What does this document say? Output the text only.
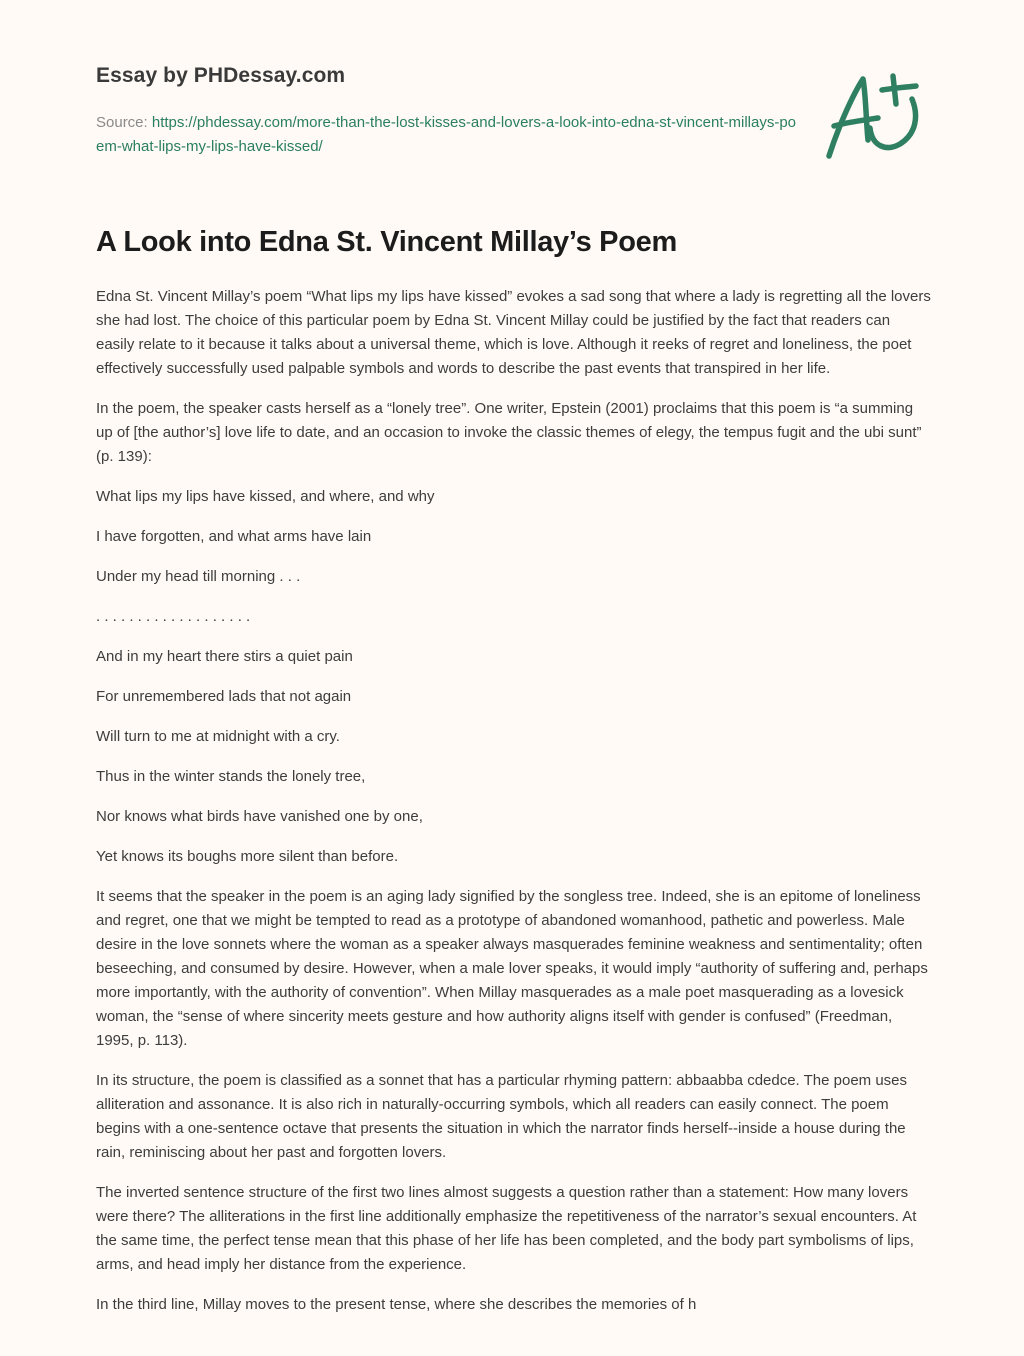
Essay by PHDessay.com
Source: https://phdessay.com/more-than-the-lost-kisses-and-lovers-a-look-into-edna-st-vincent-millays-poem-what-lips-my-lips-have-kissed/
A Look into Edna St. Vincent Millay’s Poem

Edna St. Vincent Millay’s poem “What lips my lips have kissed” evokes a sad song that where a lady is regretting all the lovers she had lost. The choice of this particular poem by Edna St. Vincent Millay could be justified by the fact that readers can easily relate to it because it talks about a universal theme, which is love. Although it reeks of regret and loneliness, the poet effectively successfully used palpable symbols and words to describe the past events that transpired in her life.

In the poem, the speaker casts herself as a “lonely tree”. One writer, Epstein (2001) proclaims that this poem is “a summing up of [the author’s] love life to date, and an occasion to invoke the classic themes of elegy, the tempus fugit and the ubi sunt” (p. 139):

What lips my lips have kissed, and where, and why

I have forgotten, and what arms have lain

Under my head till morning . . .

. . . . . . . . . . . . . . . . . . .

And in my heart there stirs a quiet pain

For unremembered lads that not again

Will turn to me at midnight with a cry.

Thus in the winter stands the lonely tree,

Nor knows what birds have vanished one by one,

Yet knows its boughs more silent than before.

It seems that the speaker in the poem is an aging lady signified by the songless tree. Indeed, she is an epitome of loneliness and regret, one that we might be tempted to read as a prototype of abandoned womanhood, pathetic and powerless. Male desire in the love sonnets where the woman as a speaker always masquerades feminine weakness and sentimentality; often beseeching, and consumed by desire. However, when a male lover speaks, it would imply “authority of suffering and, perhaps more importantly, with the authority of convention”. When Millay masquerades as a male poet masquerading as a lovesick woman, the “sense of where sincerity meets gesture and how authority aligns itself with gender is confused” (Freedman, 1995, p. 113).

In its structure, the poem is classified as a sonnet that has a particular rhyming pattern: abbaabba cdedce. The poem uses alliteration and assonance. It is also rich in naturally-occurring symbols, which all readers can easily connect. The poem begins with a one-sentence octave that presents the situation in which the narrator finds herself--inside a house during the rain, reminiscing about her past and forgotten lovers.

The inverted sentence structure of the first two lines almost suggests a question rather than a statement: How many lovers were there? The alliterations in the first line additionally emphasize the repetitiveness of the narrator’s sexual encounters. At the same time, the perfect tense mean that this phase of her life has been completed, and the body part symbolisms of lips, arms, and head imply her distance from the experience.

In the third line, Millay moves to the present tense, where she describes the memories of h
